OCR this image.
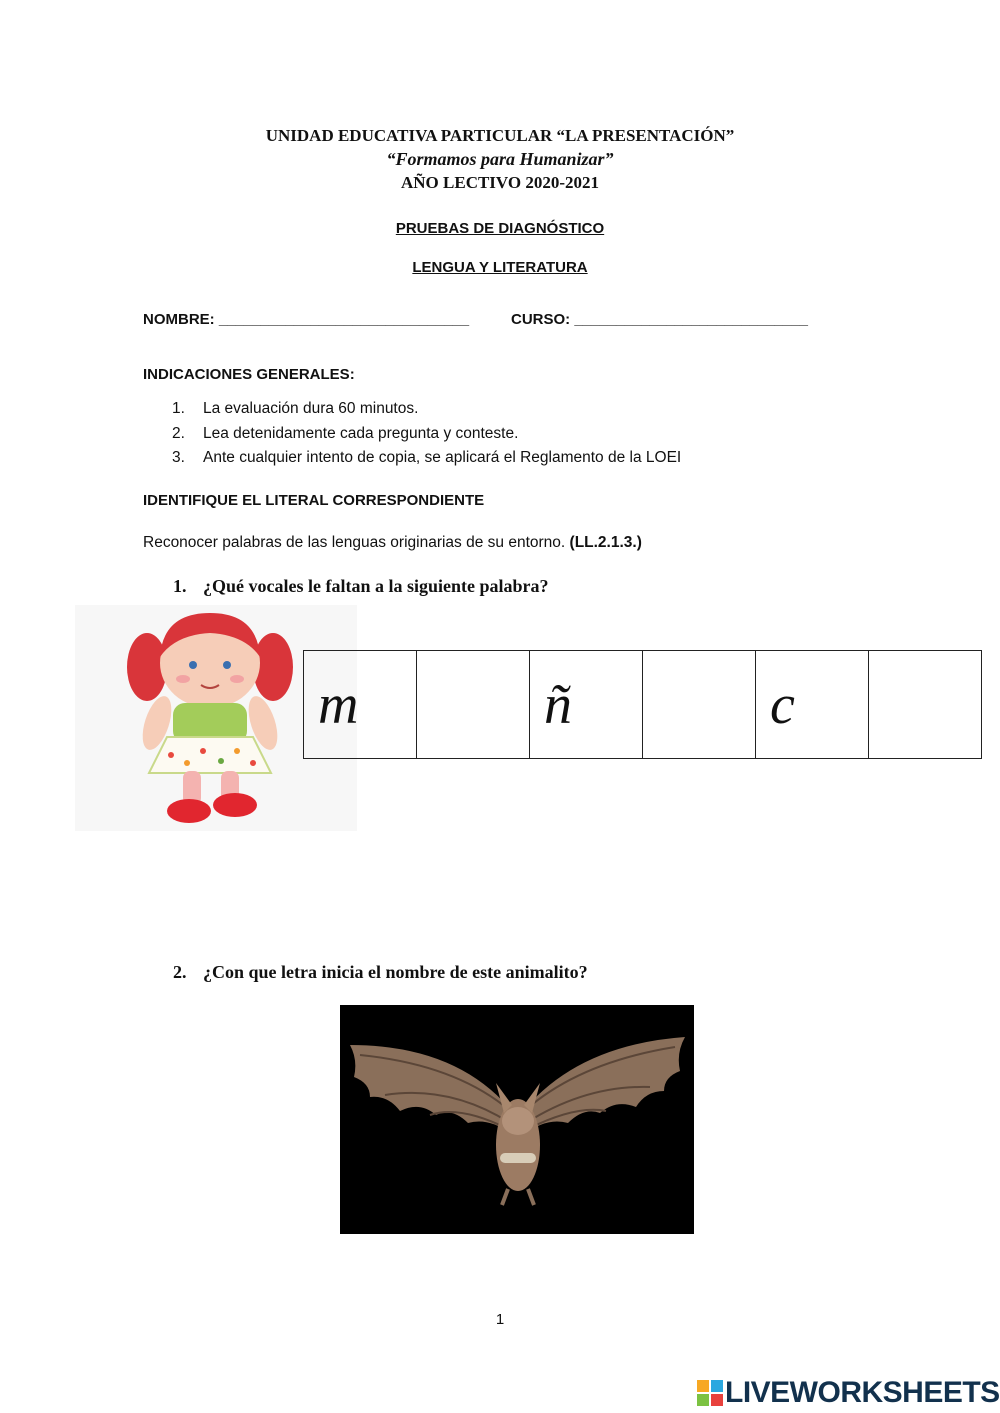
UNIDAD EDUCATIVA PARTICULAR “LA PRESENTACIÓN”
“Formamos para Humanizar”
AÑO LECTIVO 2020-2021
PRUEBAS DE DIAGNÓSTICO
LENGUA Y LITERATURA
NOMBRE: ______________________________	CURSO: ____________________________
INDICACIONES GENERALES:
1. La evaluación dura 60 minutos.
2. Lea detenidamente cada pregunta y conteste.
3. Ante cualquier intento de copia, se aplicará el Reglamento de la LOEI
IDENTIFIQUE EL LITERAL CORRESPONDIENTE
Reconocer palabras de las lenguas originarias de su entorno. (LL.2.1.3.)
1. ¿Qué vocales le faltan a la siguiente palabra?
m		ñ		c	
2. ¿Con que letra inicia el nombre de este animalito?
1
LIVEWORKSHEETS
